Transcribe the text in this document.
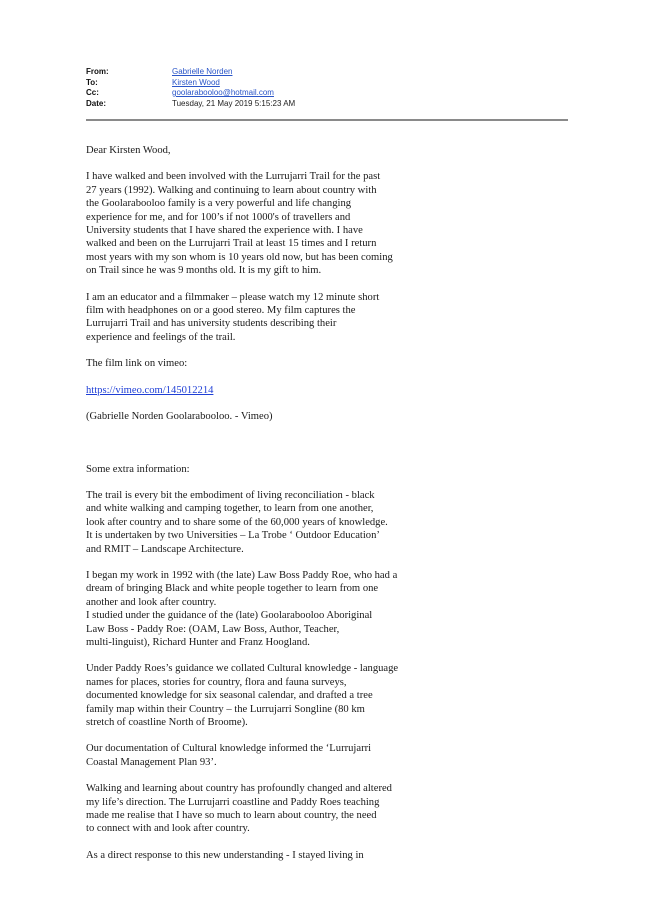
From:	Gabrielle Norden
To:	Kirsten Wood
Cc:	goolarabooloo@hotmail.com
Date:	Tuesday, 21 May 2019 5:15:23 AM

Dear Kirsten Wood,

I have walked and been involved with the Lurrujarri Trail for the past
27 years (1992). Walking and continuing to learn about country with
the Goolarabooloo family is a very powerful and life changing
experience for me, and for 100’s if not 1000's of travellers and
University students that I have shared the experience with. I have
walked and been on the Lurrujarri Trail at least 15 times and I return
most years with my son whom is 10 years old now, but has been coming
on Trail since he was 9 months old. It is my gift to him.

I am an educator and a filmmaker – please watch my 12 minute short
film with headphones on or a good stereo. My film captures the
Lurrujarri Trail and has university students describing their
experience and feelings of the trail.

The film link on vimeo:

https://vimeo.com/145012214

(Gabrielle Norden Goolarabooloo. - Vimeo)

Some extra information:

The trail is every bit the embodiment of living reconciliation - black
and white walking and camping together, to learn from one another,
look after country and to share some of the 60,000 years of knowledge.
It is undertaken by two Universities – La Trobe ‘ Outdoor Education’
and RMIT – Landscape Architecture.

I began my work in 1992 with (the late) Law Boss Paddy Roe, who had a
dream of bringing Black and white people together to learn from one
another and look after country.
I studied under the guidance of the (late) Goolarabooloo Aboriginal
Law Boss - Paddy Roe: (OAM, Law Boss, Author, Teacher,
multi-linguist), Richard Hunter and Franz Hoogland.

Under Paddy Roes’s guidance we collated Cultural knowledge - language
names for places, stories for country, flora and fauna surveys,
documented knowledge for six seasonal calendar, and drafted a tree
family map within their Country – the Lurrujarri Songline (80 km
stretch of coastline North of Broome).

Our documentation of Cultural knowledge informed the ‘Lurrujarri
Coastal Management Plan 93’.

Walking and learning about country has profoundly changed and altered
my life’s direction. The Lurrujarri coastline and Paddy Roes teaching
made me realise that I have so much to learn about country, the need
to connect with and look after country.

As a direct response to this new understanding - I stayed living in
